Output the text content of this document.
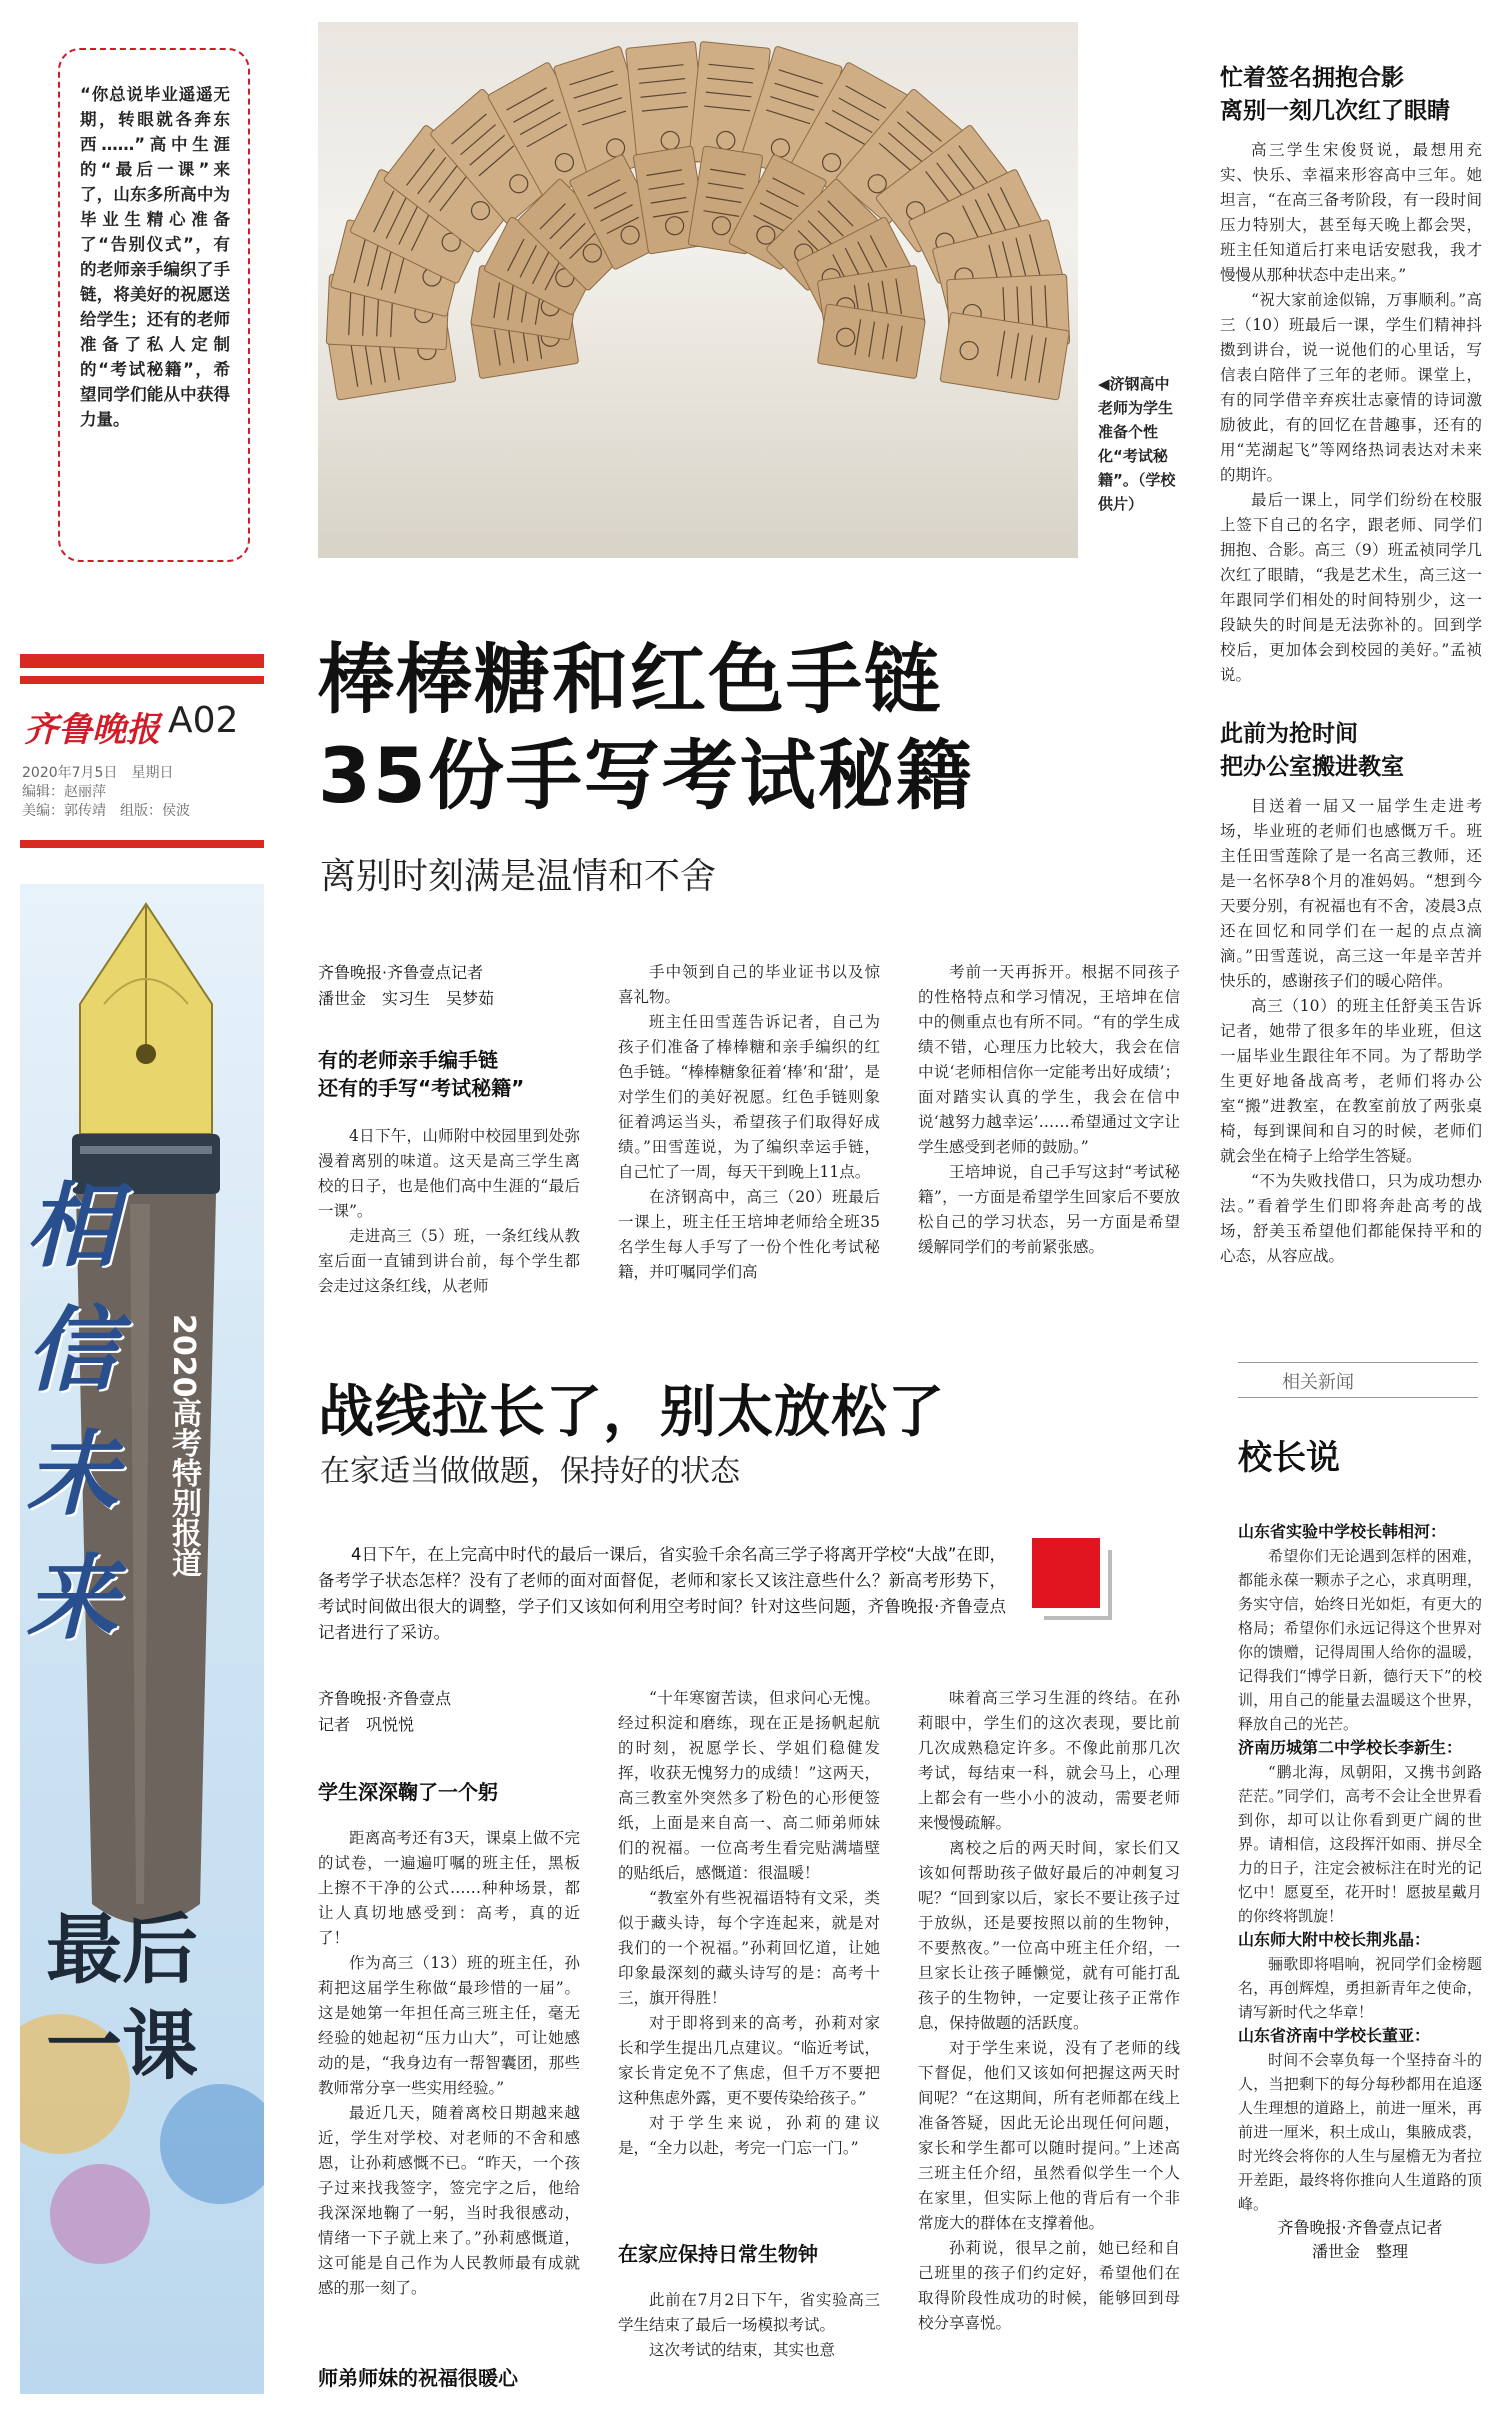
“你总说毕业遥遥无期，转眼就各奔东西……”高中生涯的“最后一课”来了，山东多所高中为毕业生精心准备了“告别仪式”，有的老师亲手编织了手链，将美好的祝愿送给学生；还有的老师准备了私人定制的“考试秘籍”，希望同学们能从中获得力量。
◀济钢高中老师为学生准备个性化“考试秘籍”。（学校供片）
齐鲁晚报 A02
2020年7月5日　星期日
编辑：赵丽萍
美编：郭传靖　组版：侯波
相信未来
2020高考特别报道
最后
一课
棒棒糖和红色手链
35份手写考试秘籍
离别时刻满是温情和不舍
齐鲁晚报·齐鲁壹点记者
潘世金　实习生　吴梦茹
有的老师亲手编手链
还有的手写“考试秘籍”

4日下午，山师附中校园里到处弥漫着离别的味道。这天是高三学生离校的日子，也是他们高中生涯的“最后一课”。

走进高三（5）班，一条红线从教室后面一直铺到讲台前，每个学生都会走过这条红线，从老师

手中领到自己的毕业证书以及惊喜礼物。

班主任田雪莲告诉记者，自己为孩子们准备了棒棒糖和亲手编织的红色手链。“棒棒糖象征着‘棒’和‘甜’，是对学生们的美好祝愿。红色手链则象征着鸿运当头，希望孩子们取得好成绩。”田雪莲说，为了编织幸运手链，自己忙了一周，每天干到晚上11点。

在济钢高中，高三（20）班最后一课上，班主任王培坤老师给全班35名学生每人手写了一份个性化考试秘籍，并叮嘱同学们高

考前一天再拆开。根据不同孩子的性格特点和学习情况，王培坤在信中的侧重点也有所不同。“有的学生成绩不错，心理压力比较大，我会在信中说‘老师相信你一定能考出好成绩’；面对踏实认真的学生，我会在信中说‘越努力越幸运’……希望通过文字让学生感受到老师的鼓励。”

王培坤说，自己手写这封“考试秘籍”，一方面是希望学生回家后不要放松自己的学习状态，另一方面是希望缓解同学们的考前紧张感。

忙着签名拥抱合影
离别一刻几次红了眼睛

高三学生宋俊贤说，最想用充实、快乐、幸福来形容高中三年。她坦言，“在高三备考阶段，有一段时间压力特别大，甚至每天晚上都会哭，班主任知道后打来电话安慰我，我才慢慢从那种状态中走出来。”

“祝大家前途似锦，万事顺利。”高三（10）班最后一课，学生们精神抖擞到讲台，说一说他们的心里话，写信表白陪伴了三年的老师。课堂上，有的同学借辛弃疾壮志豪情的诗词激励彼此，有的回忆在昔趣事，还有的用“芜湖起飞”等网络热词表达对未来的期许。

最后一课上，同学们纷纷在校服上签下自己的名字，跟老师、同学们拥抱、合影。高三（9）班孟祯同学几次红了眼睛，“我是艺术生，高三这一年跟同学们相处的时间特别少，这一段缺失的时间是无法弥补的。回到学校后，更加体会到校园的美好。”孟祯说。

此前为抢时间
把办公室搬进教室

目送着一届又一届学生走进考场，毕业班的老师们也感慨万千。班主任田雪莲除了是一名高三教师，还是一名怀孕8个月的准妈妈。“想到今天要分别，有祝福也有不舍，凌晨3点还在回忆和同学们在一起的点点滴滴。”田雪莲说，高三这一年是辛苦并快乐的，感谢孩子们的暖心陪伴。

高三（10）的班主任舒美玉告诉记者，她带了很多年的毕业班，但这一届毕业生跟往年不同。为了帮助学生更好地备战高考，老师们将办公室“搬”进教室，在教室前放了两张桌椅，每到课间和自习的时候，老师们就会坐在椅子上给学生答疑。

“不为失败找借口，只为成功想办法。”看着学生们即将奔赴高考的战场，舒美玉希望他们都能保持平和的心态，从容应战。

战线拉长了，别太放松了
在家适当做做题，保持好的状态
4日下午，在上完高中时代的最后一课后，省实验千余名高三学子将离开学校“大战”在即，备考学子状态怎样？没有了老师的面对面督促，老师和家长又该注意些什么？新高考形势下，考试时间做出很大的调整，学子们又该如何利用空考时间？针对这些问题，齐鲁晚报·齐鲁壹点记者进行了采访。
齐鲁晚报·齐鲁壹点
记者　巩悦悦
学生深深鞠了一个躬

距离高考还有3天，课桌上做不完的试卷，一遍遍叮嘱的班主任，黑板上擦不干净的公式……种种场景，都让人真切地感受到：高考，真的近了！

作为高三（13）班的班主任，孙莉把这届学生称做“最珍惜的一届”。这是她第一年担任高三班主任，毫无经验的她起初“压力山大”，可让她感动的是，“我身边有一帮智囊团，那些教师常分享一些实用经验。”

最近几天，随着离校日期越来越近，学生对学校、对老师的不舍和感恩，让孙莉感慨不已。“昨天，一个孩子过来找我签字，签完字之后，他给我深深地鞠了一躬，当时我很感动，情绪一下子就上来了。”孙莉感慨道，这可能是自己作为人民教师最有成就感的那一刻了。

“十年寒窗苦读，但求问心无愧。经过积淀和磨练，现在正是扬帆起航的时刻，祝愿学长、学姐们稳健发挥，收获无愧努力的成绩！”这两天，高三教室外突然多了粉色的心形便签纸，上面是来自高一、高二师弟师妹们的祝福。一位高考生看完贴满墙壁的贴纸后，感慨道：很温暖！

“教室外有些祝福语特有文采，类似于藏头诗，每个字连起来，就是对我们的一个祝福。”孙莉回忆道，让她印象最深刻的藏头诗写的是：高考十三，旗开得胜！

对于即将到来的高考，孙莉对家长和学生提出几点建议。“临近考试，家长肯定免不了焦虑，但千万不要把这种焦虑外露，更不要传染给孩子。”

对于学生来说，孙莉的建议是，“全力以赴，考完一门忘一门。”

在家应保持日常生物钟

此前在7月2日下午，省实验高三学生结束了最后一场模拟考试。

这次考试的结束，其实也意

味着高三学习生涯的终结。在孙莉眼中，学生们的这次表现，要比前几次成熟稳定许多。不像此前那几次考试，每结束一科，就会马上，心理上都会有一些小小的波动，需要老师来慢慢疏解。

离校之后的两天时间，家长们又该如何帮助孩子做好最后的冲刺复习呢？“回到家以后，家长不要让孩子过于放纵，还是要按照以前的生物钟，不要熬夜。”一位高中班主任介绍，一旦家长让孩子睡懒觉，就有可能打乱孩子的生物钟，一定要让孩子正常作息，保持做题的活跃度。

对于学生来说，没有了老师的线下督促，他们又该如何把握这两天时间呢？“在这期间，所有老师都在线上准备答疑，因此无论出现任何问题，家长和学生都可以随时提问。”上述高三班主任介绍，虽然看似学生一个人在家里，但实际上他的背后有一个非常庞大的群体在支撑着他。

孙莉说，很早之前，她已经和自己班里的孩子们约定好，希望他们在取得阶段性成功的时候，能够回到母校分享喜悦。

师弟师妹的祝福很暖心
相关新闻
校长说
山东省实验中学校长韩相河：

希望你们无论遇到怎样的困难，都能永葆一颗赤子之心，求真明理，务实守信，始终日光如炬，有更大的格局；希望你们永远记得这个世界对你的馈赠，记得周围人给你的温暖，记得我们“博学日新，德行天下”的校训，用自己的能量去温暖这个世界，释放自己的光芒。

济南历城第二中学校长李新生：

“鹏北海，凤朝阳，又携书剑路茫茫。”同学们，高考不会让全世界看到你，却可以让你看到更广阔的世界。请相信，这段挥汗如雨、拼尽全力的日子，注定会被标注在时光的记忆中！愿夏至，花开时！愿披星戴月的你终将凯旋！

山东师大附中校长荆兆晶：

骊歌即将唱响，祝同学们金榜题名，再创辉煌，勇担新青年之使命，请写新时代之华章！

山东省济南中学校长董亚：

时间不会辜负每一个坚持奋斗的人，当把剩下的每分每秒都用在追逐人生理想的道路上，前进一厘米，再前进一厘米，积土成山，集腋成裘，时光终会将你的人生与屋檐无为者拉开差距，最终将你推向人生道路的顶峰。

齐鲁晚报·齐鲁壹点记者
潘世金　整理
